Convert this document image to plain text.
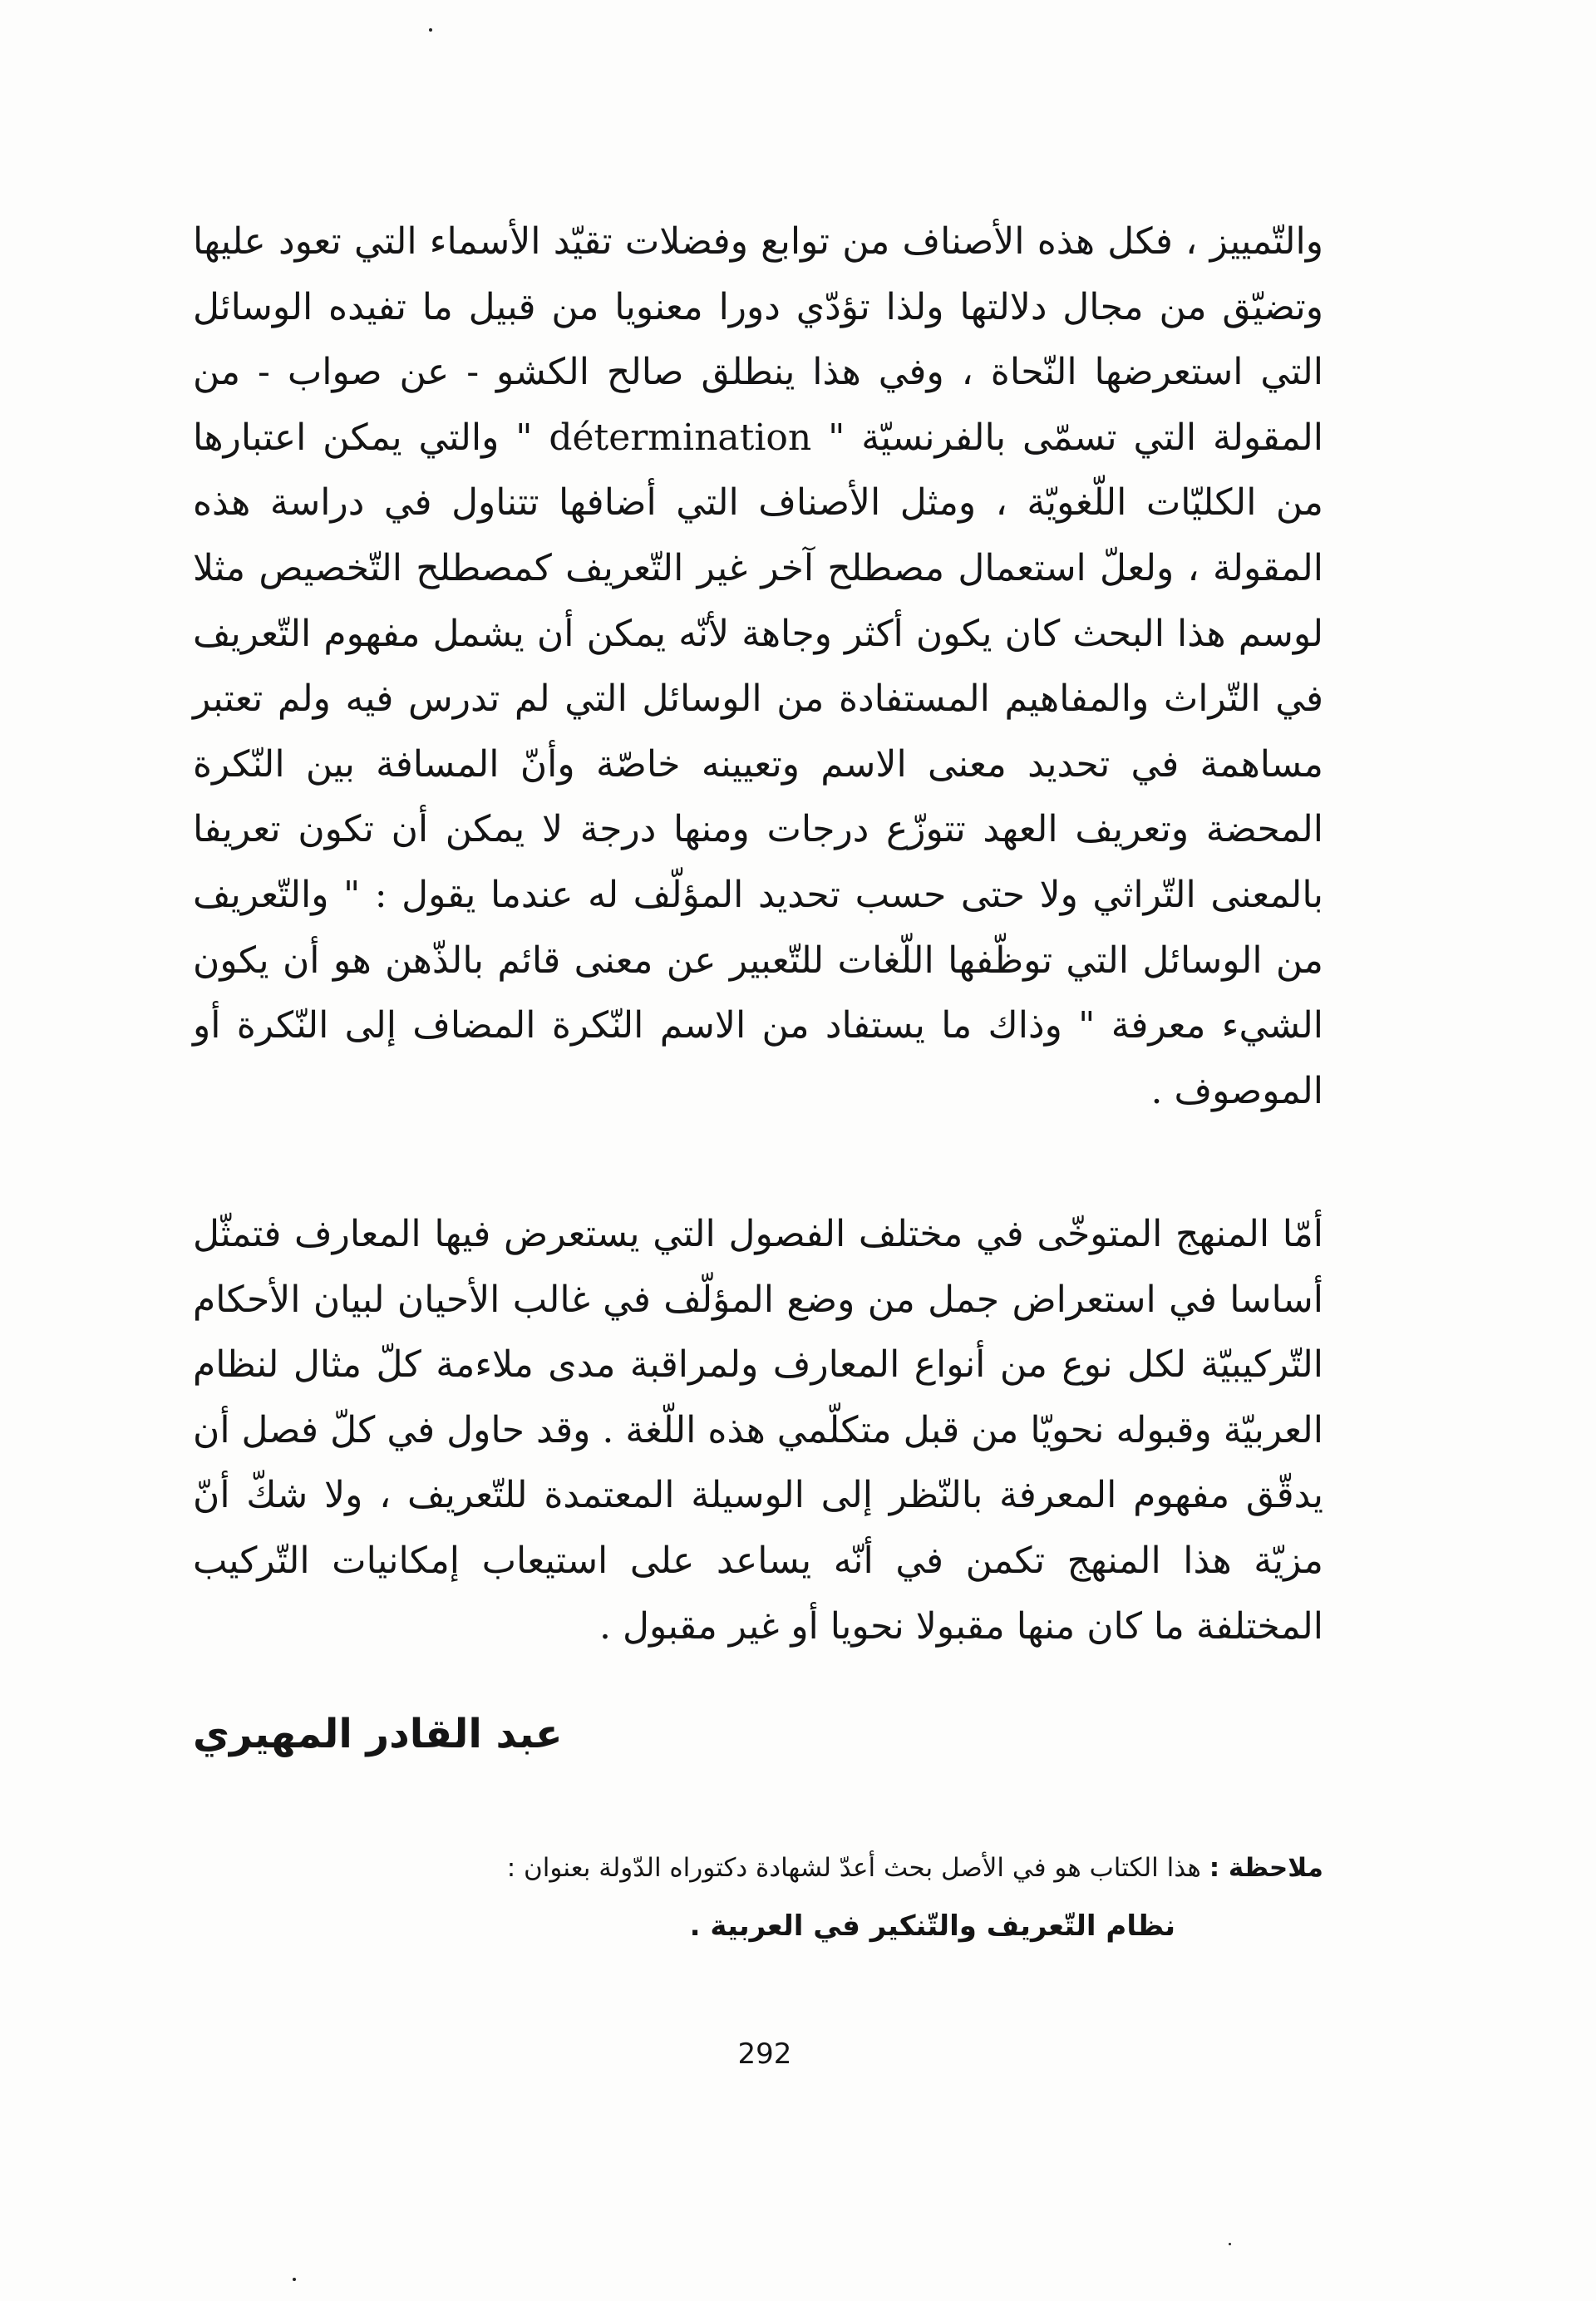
والتّمييز ، فكل هذه الأصناف من توابع وفضلات تقيّد الأسماء التي تعود عليها وتضيّق من مجال دلالتها ولذا تؤدّي دورا معنويا من قبيل ما تفيده الوسائل التي استعرضها النّحاة ، وفي هذا ينطلق صالح الكشو - عن صواب - من المقولة التي تسمّى بالفرنسيّة " détermination " والتي يمكن اعتبارها من الكليّات اللّغويّة ، ومثل الأصناف التي أضافها تتناول في دراسة هذه المقولة ، ولعلّ استعمال مصطلح آخر غير التّعريف كمصطلح التّخصيص مثلا لوسم هذا البحث كان يكون أكثر وجاهة لأنّه يمكن أن يشمل مفهوم التّعريف في التّراث والمفاهيم المستفادة من الوسائل التي لم تدرس فيه ولم تعتبر مساهمة في تحديد معنى الاسم وتعيينه خاصّة وأنّ المسافة بين النّكرة المحضة وتعريف العهد تتوزّع درجات ومنها درجة لا يمكن أن تكون تعريفا بالمعنى التّراثي ولا حتى حسب تحديد المؤلّف له عندما يقول : " والتّعريف من الوسائل التي توظّفها اللّغات للتّعبير عن معنى قائم بالذّهن هو أن يكون الشيء معرفة " وذاك ما يستفاد من الاسم النّكرة المضاف إلى النّكرة أو الموصوف .

أمّا المنهج المتوخّى في مختلف الفصول التي يستعرض فيها المعارف فتمثّل أساسا في استعراض جمل من وضع المؤلّف في غالب الأحيان لبيان الأحكام التّركيبيّة لكل نوع من أنواع المعارف ولمراقبة مدى ملاءمة كلّ مثال لنظام العربيّة وقبوله نحويّا من قبل متكلّمي هذه اللّغة . وقد حاول في كلّ فصل أن يدقّق مفهوم المعرفة بالنّظر إلى الوسيلة المعتمدة للتّعريف ، ولا شكّ أنّ مزيّة هذا المنهج تكمن في أنّه يساعد على استيعاب إمكانيات التّركيب المختلفة ما كان منها مقبولا نحويا أو غير مقبول .

عبد القادر المهيري

ملاحظة : هذا الكتاب هو في الأصل بحث أعدّ لشهادة دكتوراه الدّولة بعنوان :
نظام التّعريف والتّنكير في العربية .

292
